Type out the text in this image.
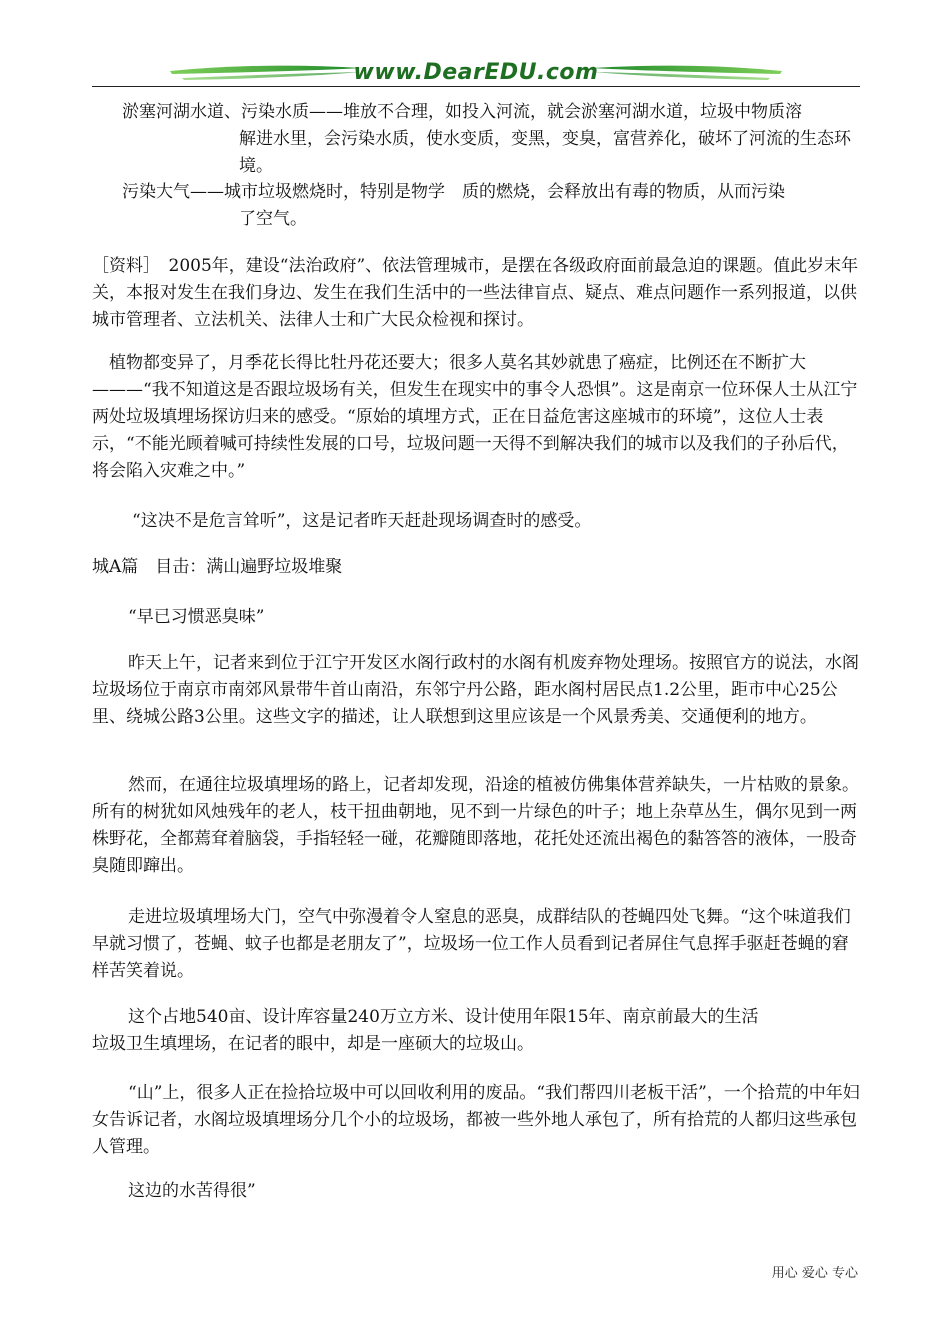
www.DearEDU.com
淤塞河湖水道、污染水质——堆放不合理，如投入河流，就会淤塞河湖水道，垃圾中物质溶
解进水里，会污染水质，使水变质，变黑，变臭，富营养化，破坏了河流的生态环境。
污染大气——城市垃圾燃烧时，特别是物学　质的燃烧，会释放出有毒的物质，从而污染
了空气。
［资料］　2005年，建设“法治政府”、依法管理城市，是摆在各级政府面前最急迫的课题。值此岁末年关，本报对发生在我们身边、发生在我们生活中的一些法律盲点、疑点、难点问题作一系列报道，以供城市管理者、立法机关、法律人士和广大民众检视和探讨。
植物都变异了，月季花长得比牡丹花还要大；很多人莫名其妙就患了癌症，比例还在不断扩大———“我不知道这是否跟垃圾场有关，但发生在现实中的事令人恐惧”。这是南京一位环保人士从江宁两处垃圾填埋场探访归来的感受。“原始的填埋方式，正在日益危害这座城市的环境”，这位人士表示，“不能光顾着喊可持续性发展的口号，垃圾问题一天得不到解决我们的城市以及我们的子孙后代，将会陷入灾难之中。”
“这决不是危言耸听”，这是记者昨天赶赴现场调查时的感受。
城A篇　目击：满山遍野垃圾堆聚
“早已习惯恶臭味”
昨天上午，记者来到位于江宁开发区水阁行政村的水阁有机废弃物处理场。按照官方的说法，水阁垃圾场位于南京市南郊风景带牛首山南沿，东邻宁丹公路，距水阁村居民点1.2公里，距市中心25公里、绕城公路3公里。这些文字的描述，让人联想到这里应该是一个风景秀美、交通便利的地方。
然而，在通往垃圾填埋场的路上，记者却发现，沿途的植被仿佛集体营养缺失，一片枯败的景象。所有的树犹如风烛残年的老人，枝干扭曲朝地，见不到一片绿色的叶子；地上杂草丛生，偶尔见到一两株野花，全都蔫耷着脑袋，手指轻轻一碰，花瓣随即落地，花托处还流出褐色的黏答答的液体，一股奇臭随即蹿出。
走进垃圾填埋场大门，空气中弥漫着令人窒息的恶臭，成群结队的苍蝇四处飞舞。“这个味道我们早就习惯了，苍蝇、蚊子也都是老朋友了”，垃圾场一位工作人员看到记者屏住气息挥手驱赶苍蝇的窘样苦笑着说。
这个占地540亩、设计库容量240万立方米、设计使用年限15年、南京前最大的生活
垃圾卫生填埋场，在记者的眼中，却是一座硕大的垃圾山。
“山”上，很多人正在捡拾垃圾中可以回收利用的废品。“我们帮四川老板干活”，一个拾荒的中年妇女告诉记者，水阁垃圾填埋场分几个小的垃圾场，都被一些外地人承包了，所有拾荒的人都归这些承包人管理。
这边的水苦得很”
用心 爱心 专心
